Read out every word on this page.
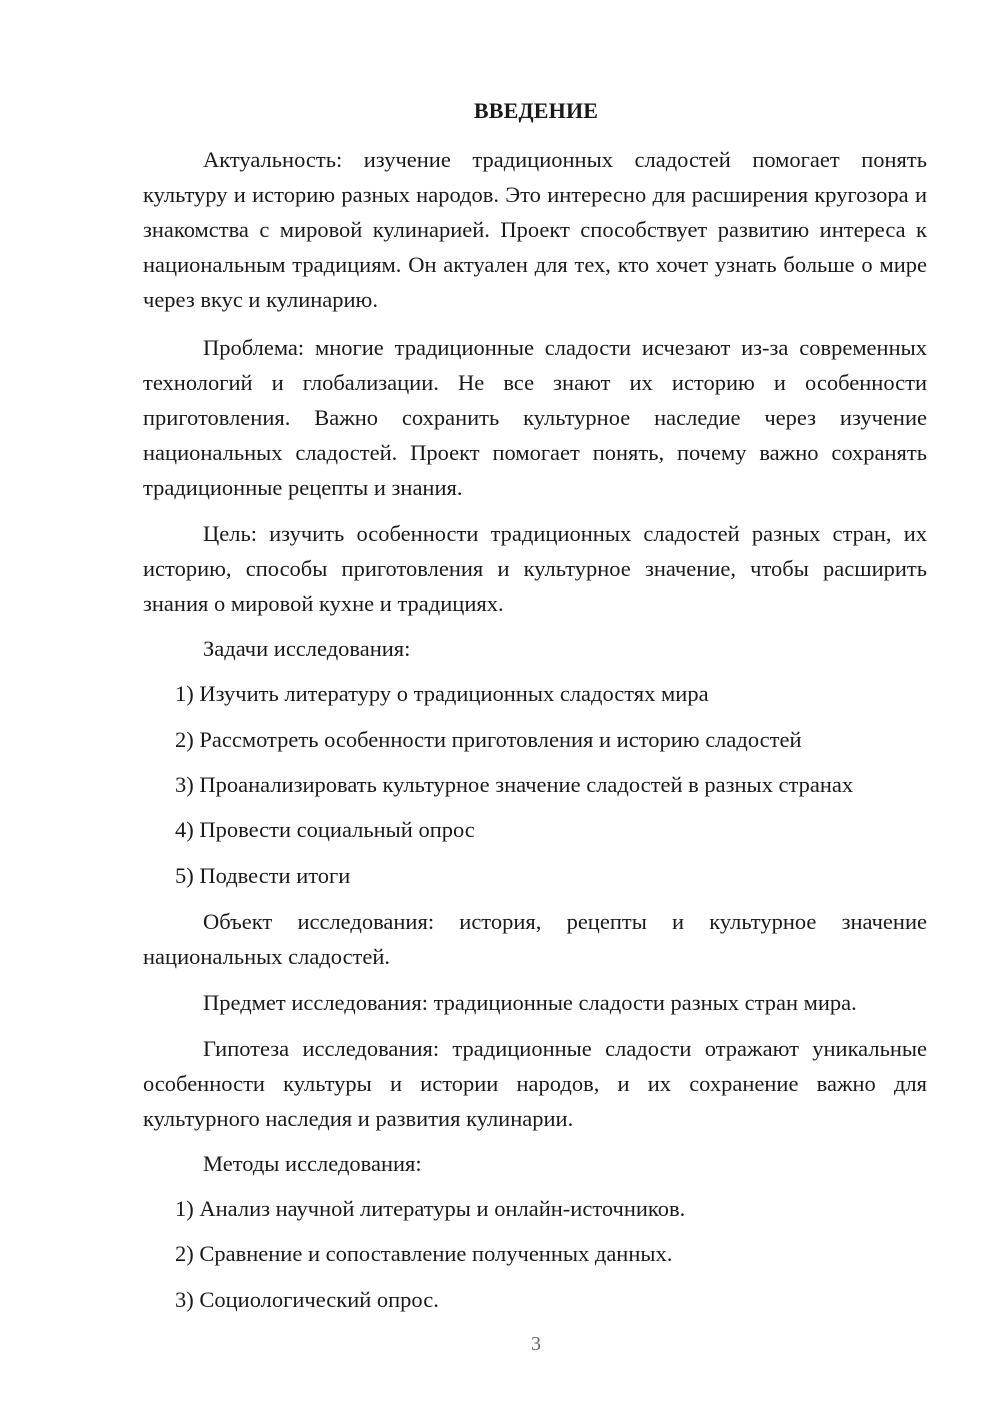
ВВЕДЕНИЕ

Актуальность: изучение традиционных сладостей помогает понять культуру и историю разных народов. Это интересно для расширения кругозора и знакомства с мировой кулинарией. Проект способствует развитию интереса к национальным традициям. Он актуален для тех, кто хочет узнать больше о мире через вкус и кулинарию.

Проблема: многие традиционные сладости исчезают из-за современных технологий и глобализации. Не все знают их историю и особенности приготовления. Важно сохранить культурное наследие через изучение национальных сладостей. Проект помогает понять, почему важно сохранять традиционные рецепты и знания.

Цель: изучить особенности традиционных сладостей разных стран, их историю, способы приготовления и культурное значение, чтобы расширить знания о мировой кухне и традициях.

Задачи исследования:

1) Изучить литературу о традиционных сладостях мира

2) Рассмотреть особенности приготовления и историю сладостей

3) Проанализировать культурное значение сладостей в разных странах

4) Провести социальный опрос

5) Подвести итоги

Объект исследования: история, рецепты и культурное значение национальных сладостей.

Предмет исследования: традиционные сладости разных стран мира.

Гипотеза исследования: традиционные сладости отражают уникальные особенности культуры и истории народов, и их сохранение важно для культурного наследия и развития кулинарии.

Методы исследования:

1) Анализ научной литературы и онлайн-источников.

2) Сравнение и сопоставление полученных данных.

3) Социологический опрос.

3
